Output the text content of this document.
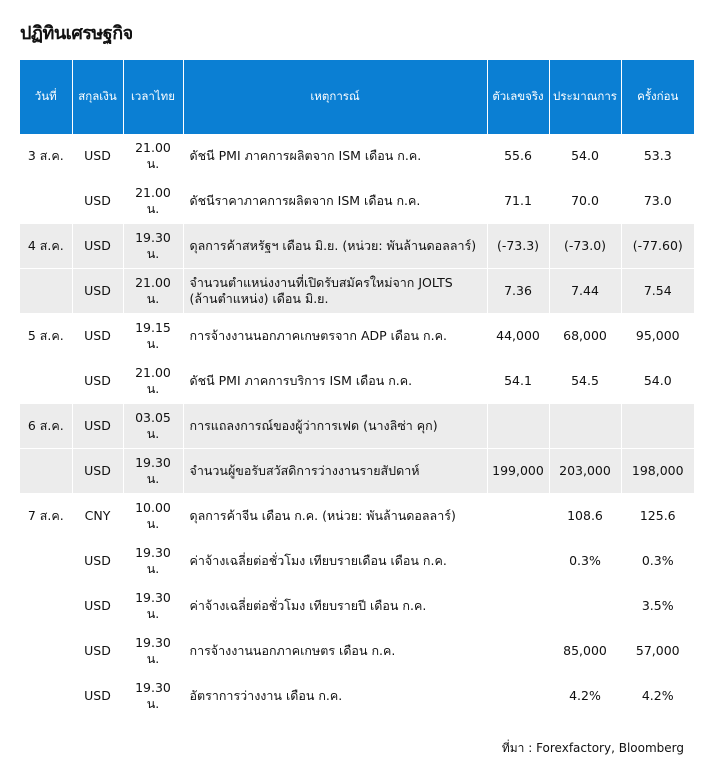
ปฏิทินเศรษฐกิจ
วันที่	สกุลเงิน	เวลาไทย	เหตุการณ์	ตัวเลขจริง	ประมาณการ	ครั้งก่อน
3 ส.ค.	USD	21.00 น.	ดัชนี PMI ภาคการผลิตจาก ISM เดือน ก.ค.	55.6	54.0	53.3
	USD	21.00 น.	ดัชนีราคาภาคการผลิตจาก ISM เดือน ก.ค.	71.1	70.0	73.0
4 ส.ค.	USD	19.30 น.	ดุลการค้าสหรัฐฯ เดือน มิ.ย. (หน่วย: พันล้านดอลลาร์)	(-73.3)	(-73.0)	(-77.60)
	USD	21.00 น.	จำนวนตำแหน่งงานที่เปิดรับสมัครใหม่จาก JOLTS (ล้านตำแหน่ง) เดือน มิ.ย.	7.36	7.44	7.54
5 ส.ค.	USD	19.15 น.	การจ้างงานนอกภาคเกษตรจาก ADP เดือน ก.ค.	44,000	68,000	95,000
	USD	21.00 น.	ดัชนี PMI ภาคการบริการ ISM เดือน ก.ค.	54.1	54.5	54.0
6 ส.ค.	USD	03.05 น.	การแถลงการณ์ของผู้ว่าการเฟด (นางลิซ่า คุก)			
	USD	19.30 น.	จำนวนผู้ขอรับสวัสดิการว่างงานรายสัปดาห์	199,000	203,000	198,000
7 ส.ค.	CNY	10.00 น.	ดุลการค้าจีน เดือน ก.ค. (หน่วย: พันล้านดอลลาร์)		108.6	125.6
	USD	19.30 น.	ค่าจ้างเฉลี่ยต่อชั่วโมง เทียบรายเดือน เดือน ก.ค.		0.3%	0.3%
	USD	19.30 น.	ค่าจ้างเฉลี่ยต่อชั่วโมง เทียบรายปี เดือน ก.ค.			3.5%
	USD	19.30 น.	การจ้างงานนอกภาคเกษตร เดือน ก.ค.		85,000	57,000
	USD	19.30 น.	อัตราการว่างงาน เดือน ก.ค.		4.2%	4.2%
ที่มา : Forexfactory, Bloomberg
